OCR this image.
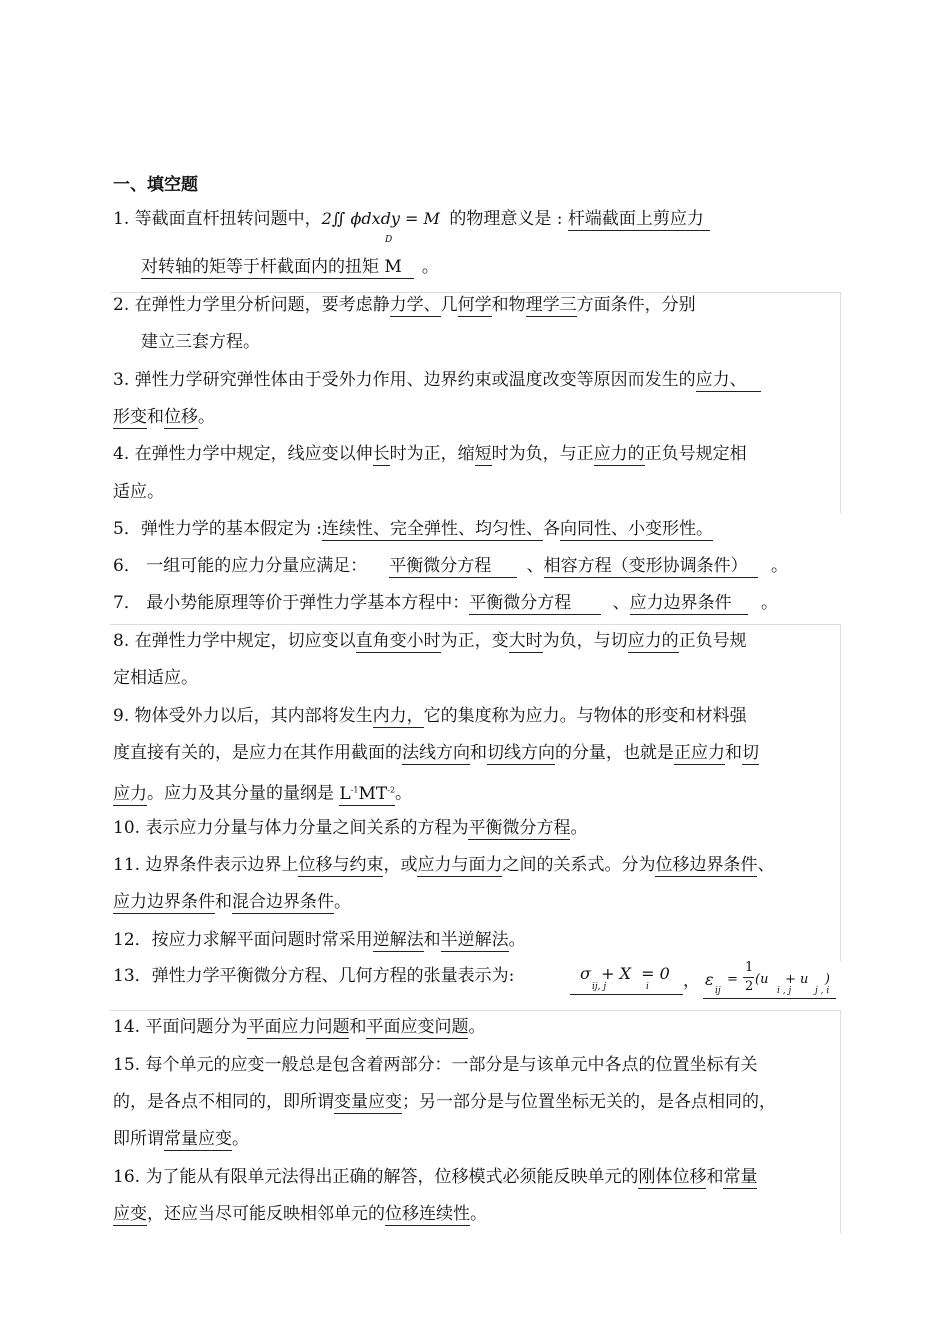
一、填空题
1. 等截面直杆扭转问题中，2∬ ϕdxdy = M 的物理意义是 : 杆端截面上剪应力
D
对转轴的矩等于杆截面内的扭矩 M 。
2. 在弹性力学里分析问题，要考虑静力学、几何学和物理学三方面条件，分别
建立三套方程。
3. 弹性力学研究弹性体由于受外力作用、边界约束或温度改变等原因而发生的应力、
形变和位移。
4. 在弹性力学中规定，线应变以伸长时为正，缩短时为负，与正应力的正负号规定相
适应。
5．弹性力学的基本假定为 :连续性、完全弹性、均匀性、各向同性、小变形性。
6． 一组可能的应力分量应满足： 平衡微分方程 、相容方程（变形协调条件） 。
7． 最小势能原理等价于弹性力学基本方程中：平衡微分方程 、应力边界条件 。
8. 在弹性力学中规定，切应变以直角变小时为正，变大时为负，与切应力的正负号规
定相适应。
9. 物体受外力以后，其内部将发生内力，它的集度称为应力。与物体的形变和材料强
度直接有关的，是应力在其作用截面的法线方向和切线方向的分量，也就是正应力和切
应力。应力及其分量的量纲是 $L^{-1}MT^{-2}$。
10. 表示应力分量与体力分量之间关系的方程为平衡微分方程。
11. 边界条件表示边界上位移与约束，或应力与面力之间的关系式。分为位移边界条件、
应力边界条件和混合边界条件。
12．按应力求解平面问题时常采用逆解法和半逆解法。
13．弹性力学平衡微分方程、几何方程的张量表示为:	σ  + X  = 0
ij, j	i ， ε
ij
=
1
2 (u    + u    )
i , j	j , i
14. 平面问题分为平面应力问题和平面应变问题。
15. 每个单元的应变一般总是包含着两部分：一部分是与该单元中各点的位置坐标有关
的，是各点不相同的，即所谓变量应变；另一部分是与位置坐标无关的，是各点相同的，
即所谓常量应变。
16. 为了能从有限单元法得出正确的解答，位移模式必须能反映单元的刚体位移和常量
应变，还应当尽可能反映相邻单元的位移连续性。
